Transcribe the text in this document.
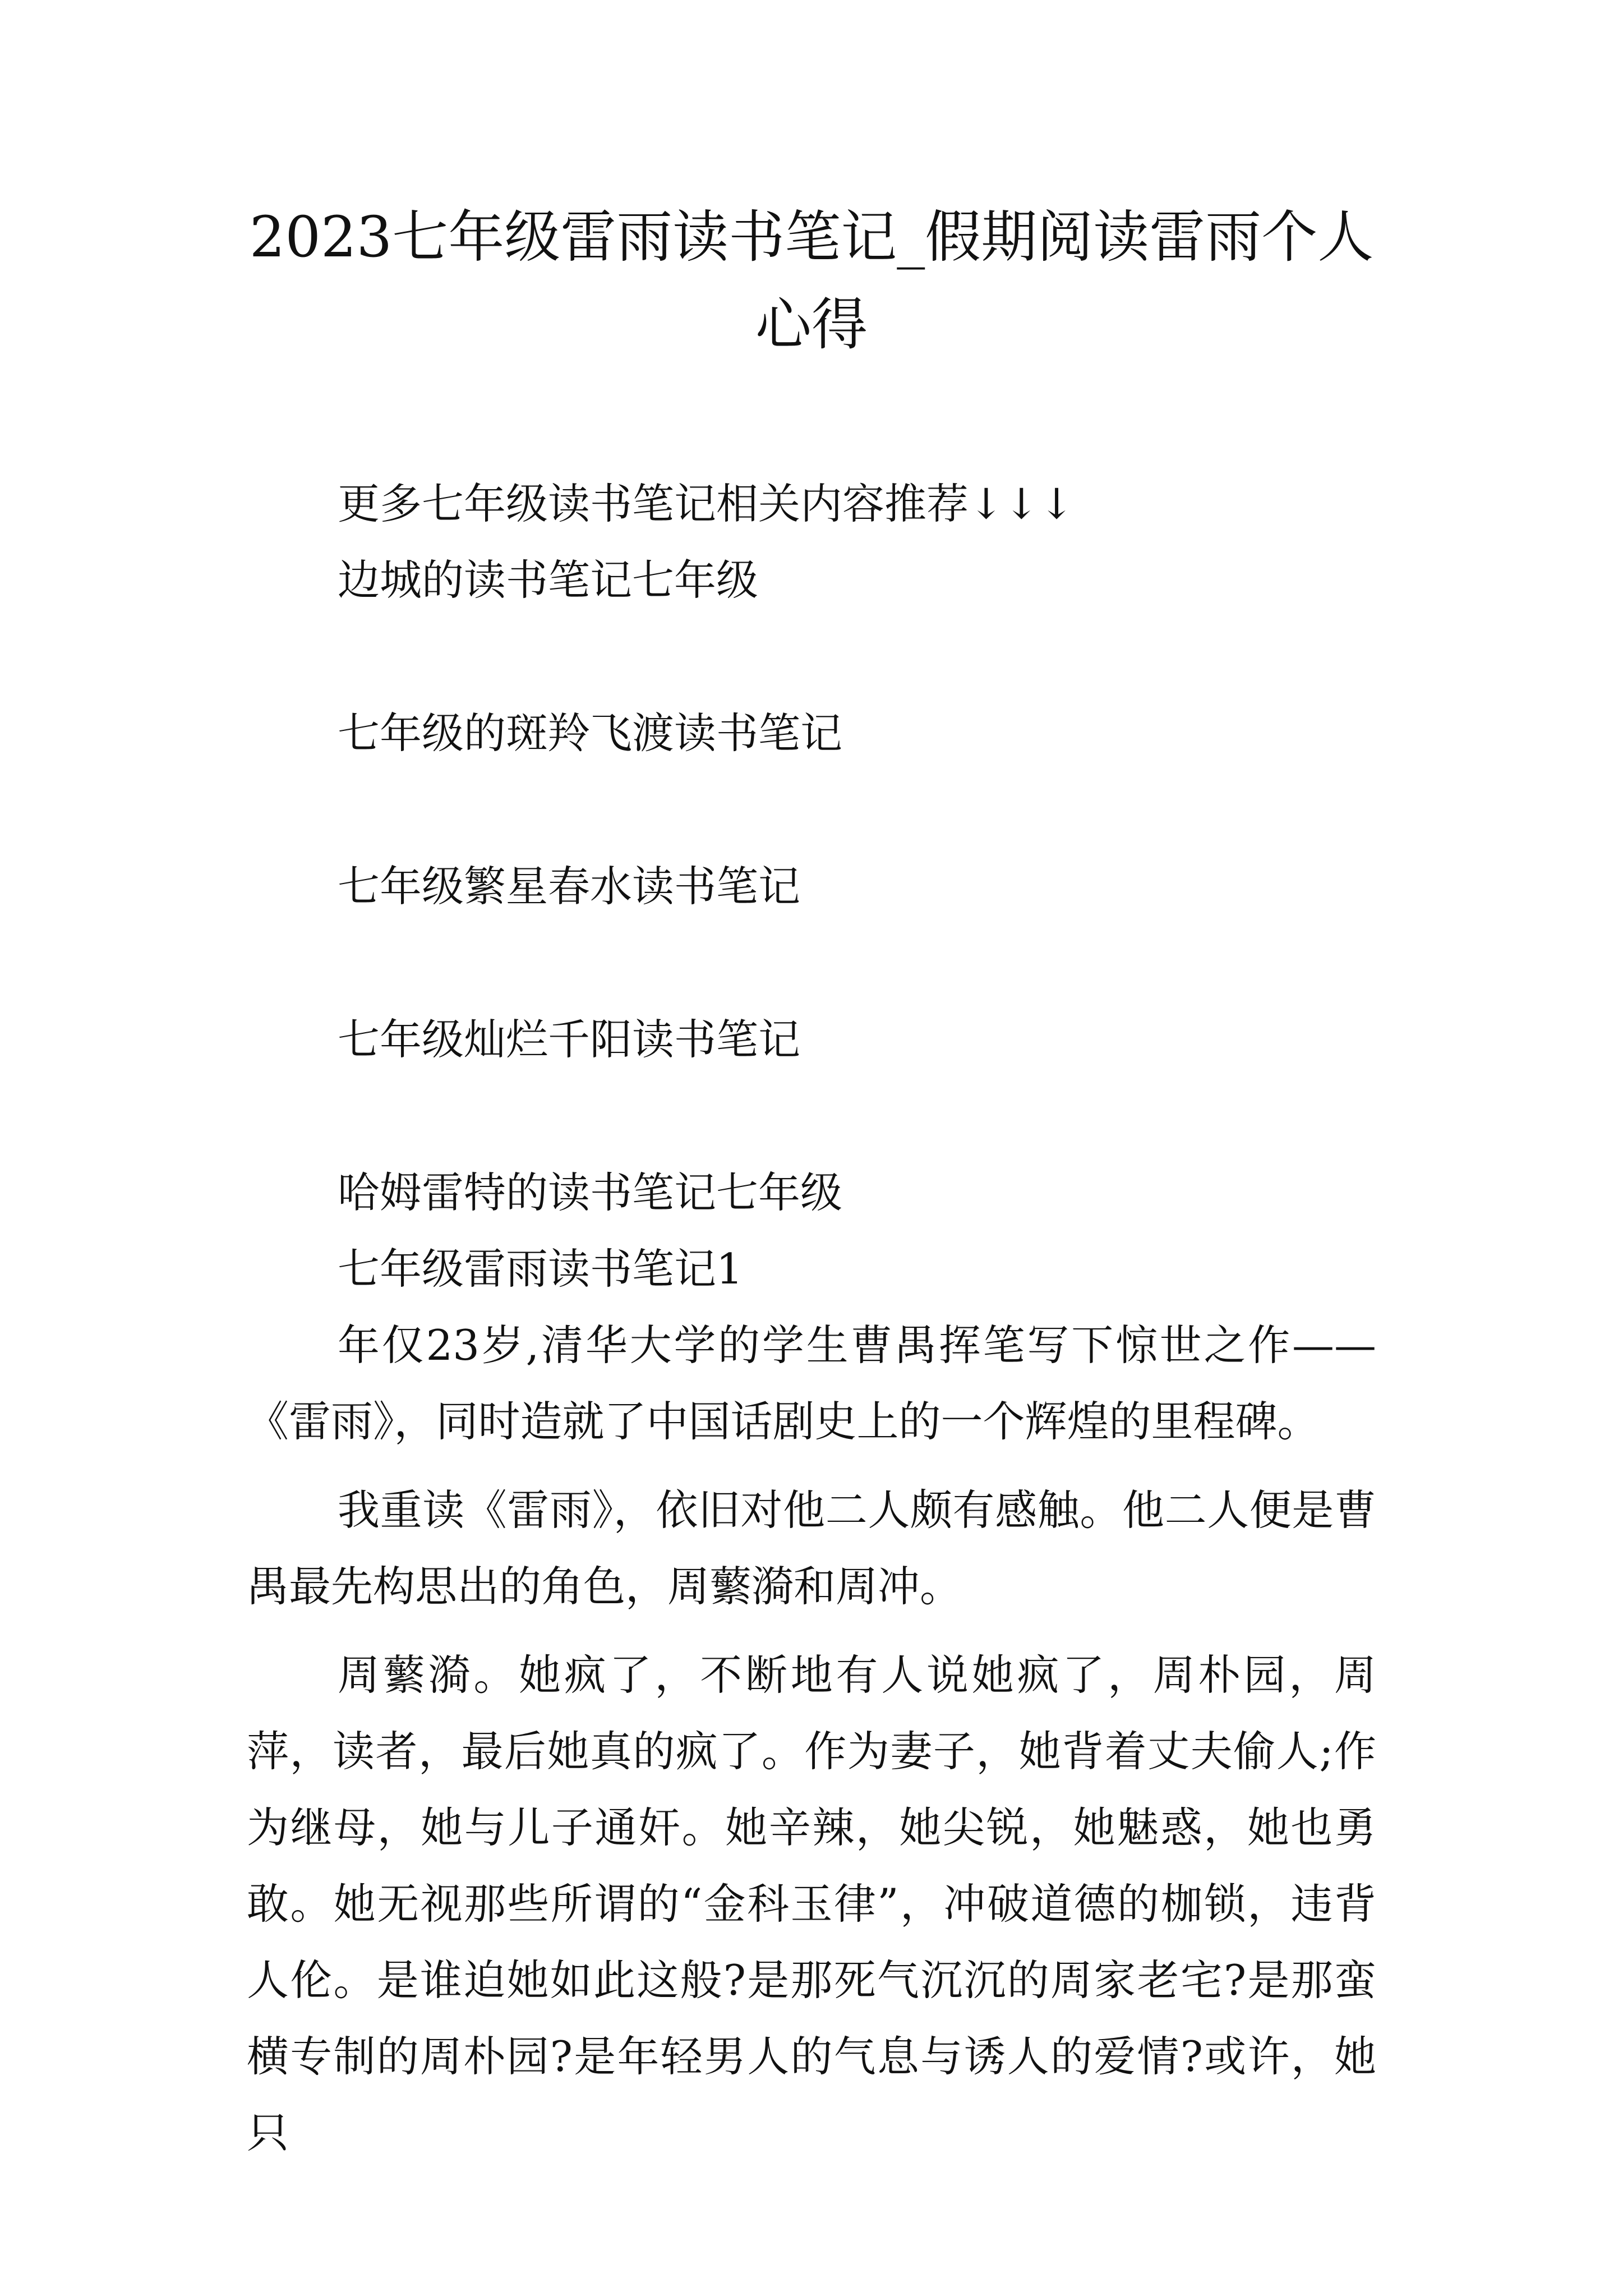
2023七年级雷雨读书笔记_假期阅读雷雨个人心得

更多七年级读书笔记相关内容推荐↓↓↓

边城的读书笔记七年级

七年级的斑羚飞渡读书笔记

七年级繁星春水读书笔记

七年级灿烂千阳读书笔记

哈姆雷特的读书笔记七年级

七年级雷雨读书笔记1

年仅23岁,清华大学的学生曹禺挥笔写下惊世之作——《雷雨》，同时造就了中国话剧史上的一个辉煌的里程碑。

我重读《雷雨》，依旧对他二人颇有感触。他二人便是曹禺最先构思出的角色，周蘩漪和周冲。

周蘩漪。她疯了，不断地有人说她疯了，周朴园，周萍，读者，最后她真的疯了。作为妻子，她背着丈夫偷人;作为继母，她与儿子通奸。她辛辣，她尖锐，她魅惑，她也勇敢。她无视那些所谓的“金科玉律”，冲破道德的枷锁，违背人伦。是谁迫她如此这般?是那死气沉沉的周家老宅?是那蛮横专制的周朴园?是年轻男人的气息与诱人的爱情?或许，她只
